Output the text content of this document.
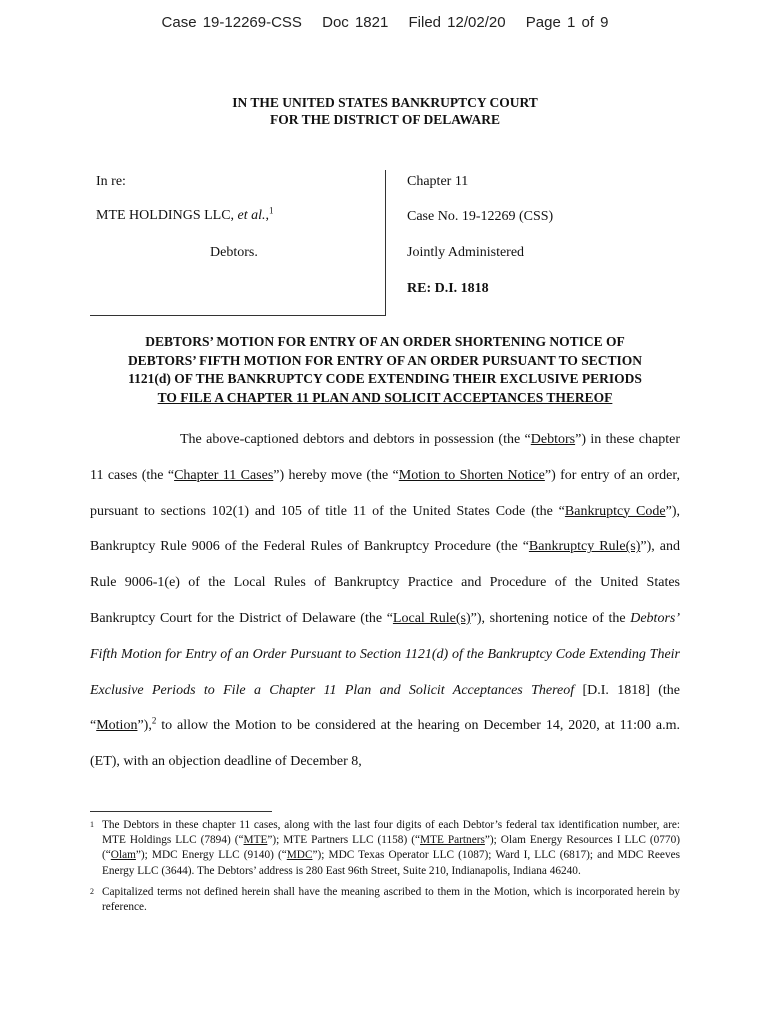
Case 19-12269-CSS Doc 1821 Filed 12/02/20 Page 1 of 9
IN THE UNITED STATES BANKRUPTCY COURT
FOR THE DISTRICT OF DELAWARE
In re:
MTE HOLDINGS LLC, et al.,$^1$
Debtors.
Chapter 11
Case No. 19-12269 (CSS)
Jointly Administered
RE: D.I. 1818
DEBTORS’ MOTION FOR ENTRY OF AN ORDER SHORTENING NOTICE OF
DEBTORS’ FIFTH MOTION FOR ENTRY OF AN ORDER PURSUANT TO SECTION
1121(d) OF THE BANKRUPTCY CODE EXTENDING THEIR EXCLUSIVE PERIODS
TO FILE A CHAPTER 11 PLAN AND SOLICIT ACCEPTANCES THEREOF

The above-captioned debtors and debtors in possession (the “Debtors”) in these chapter 11 cases (the “Chapter 11 Cases”) hereby move (the “Motion to Shorten Notice”) for entry of an order, pursuant to sections 102(1) and 105 of title 11 of the United States Code (the “Bankruptcy Code”), Bankruptcy Rule 9006 of the Federal Rules of Bankruptcy Procedure (the “Bankruptcy Rule(s)”), and Rule 9006-1(e) of the Local Rules of Bankruptcy Practice and Procedure of the United States Bankruptcy Court for the District of Delaware (the “Local Rule(s)”), shortening notice of the Debtors’ Fifth Motion for Entry of an Order Pursuant to Section 1121(d) of the Bankruptcy Code Extending Their Exclusive Periods to File a Chapter 11 Plan and Solicit Acceptances Thereof [D.I. 1818] (the “Motion”),$^2$ to allow the Motion to be considered at the hearing on December 14, 2020, at 11:00 a.m. (ET), with an objection deadline of December 8,

1 The Debtors in these chapter 11 cases, along with the last four digits of each Debtor’s federal tax identification number, are: MTE Holdings LLC (7894) (“MTE”); MTE Partners LLC (1158) (“MTE Partners”); Olam Energy Resources I LLC (0770) (“Olam”); MDC Energy LLC (9140) (“MDC”); MDC Texas Operator LLC (1087); Ward I, LLC (6817); and MDC Reeves Energy LLC (3644). The Debtors’ address is 280 East 96th Street, Suite 210, Indianapolis, Indiana 46240.
2 Capitalized terms not defined herein shall have the meaning ascribed to them in the Motion, which is incorporated herein by reference.
